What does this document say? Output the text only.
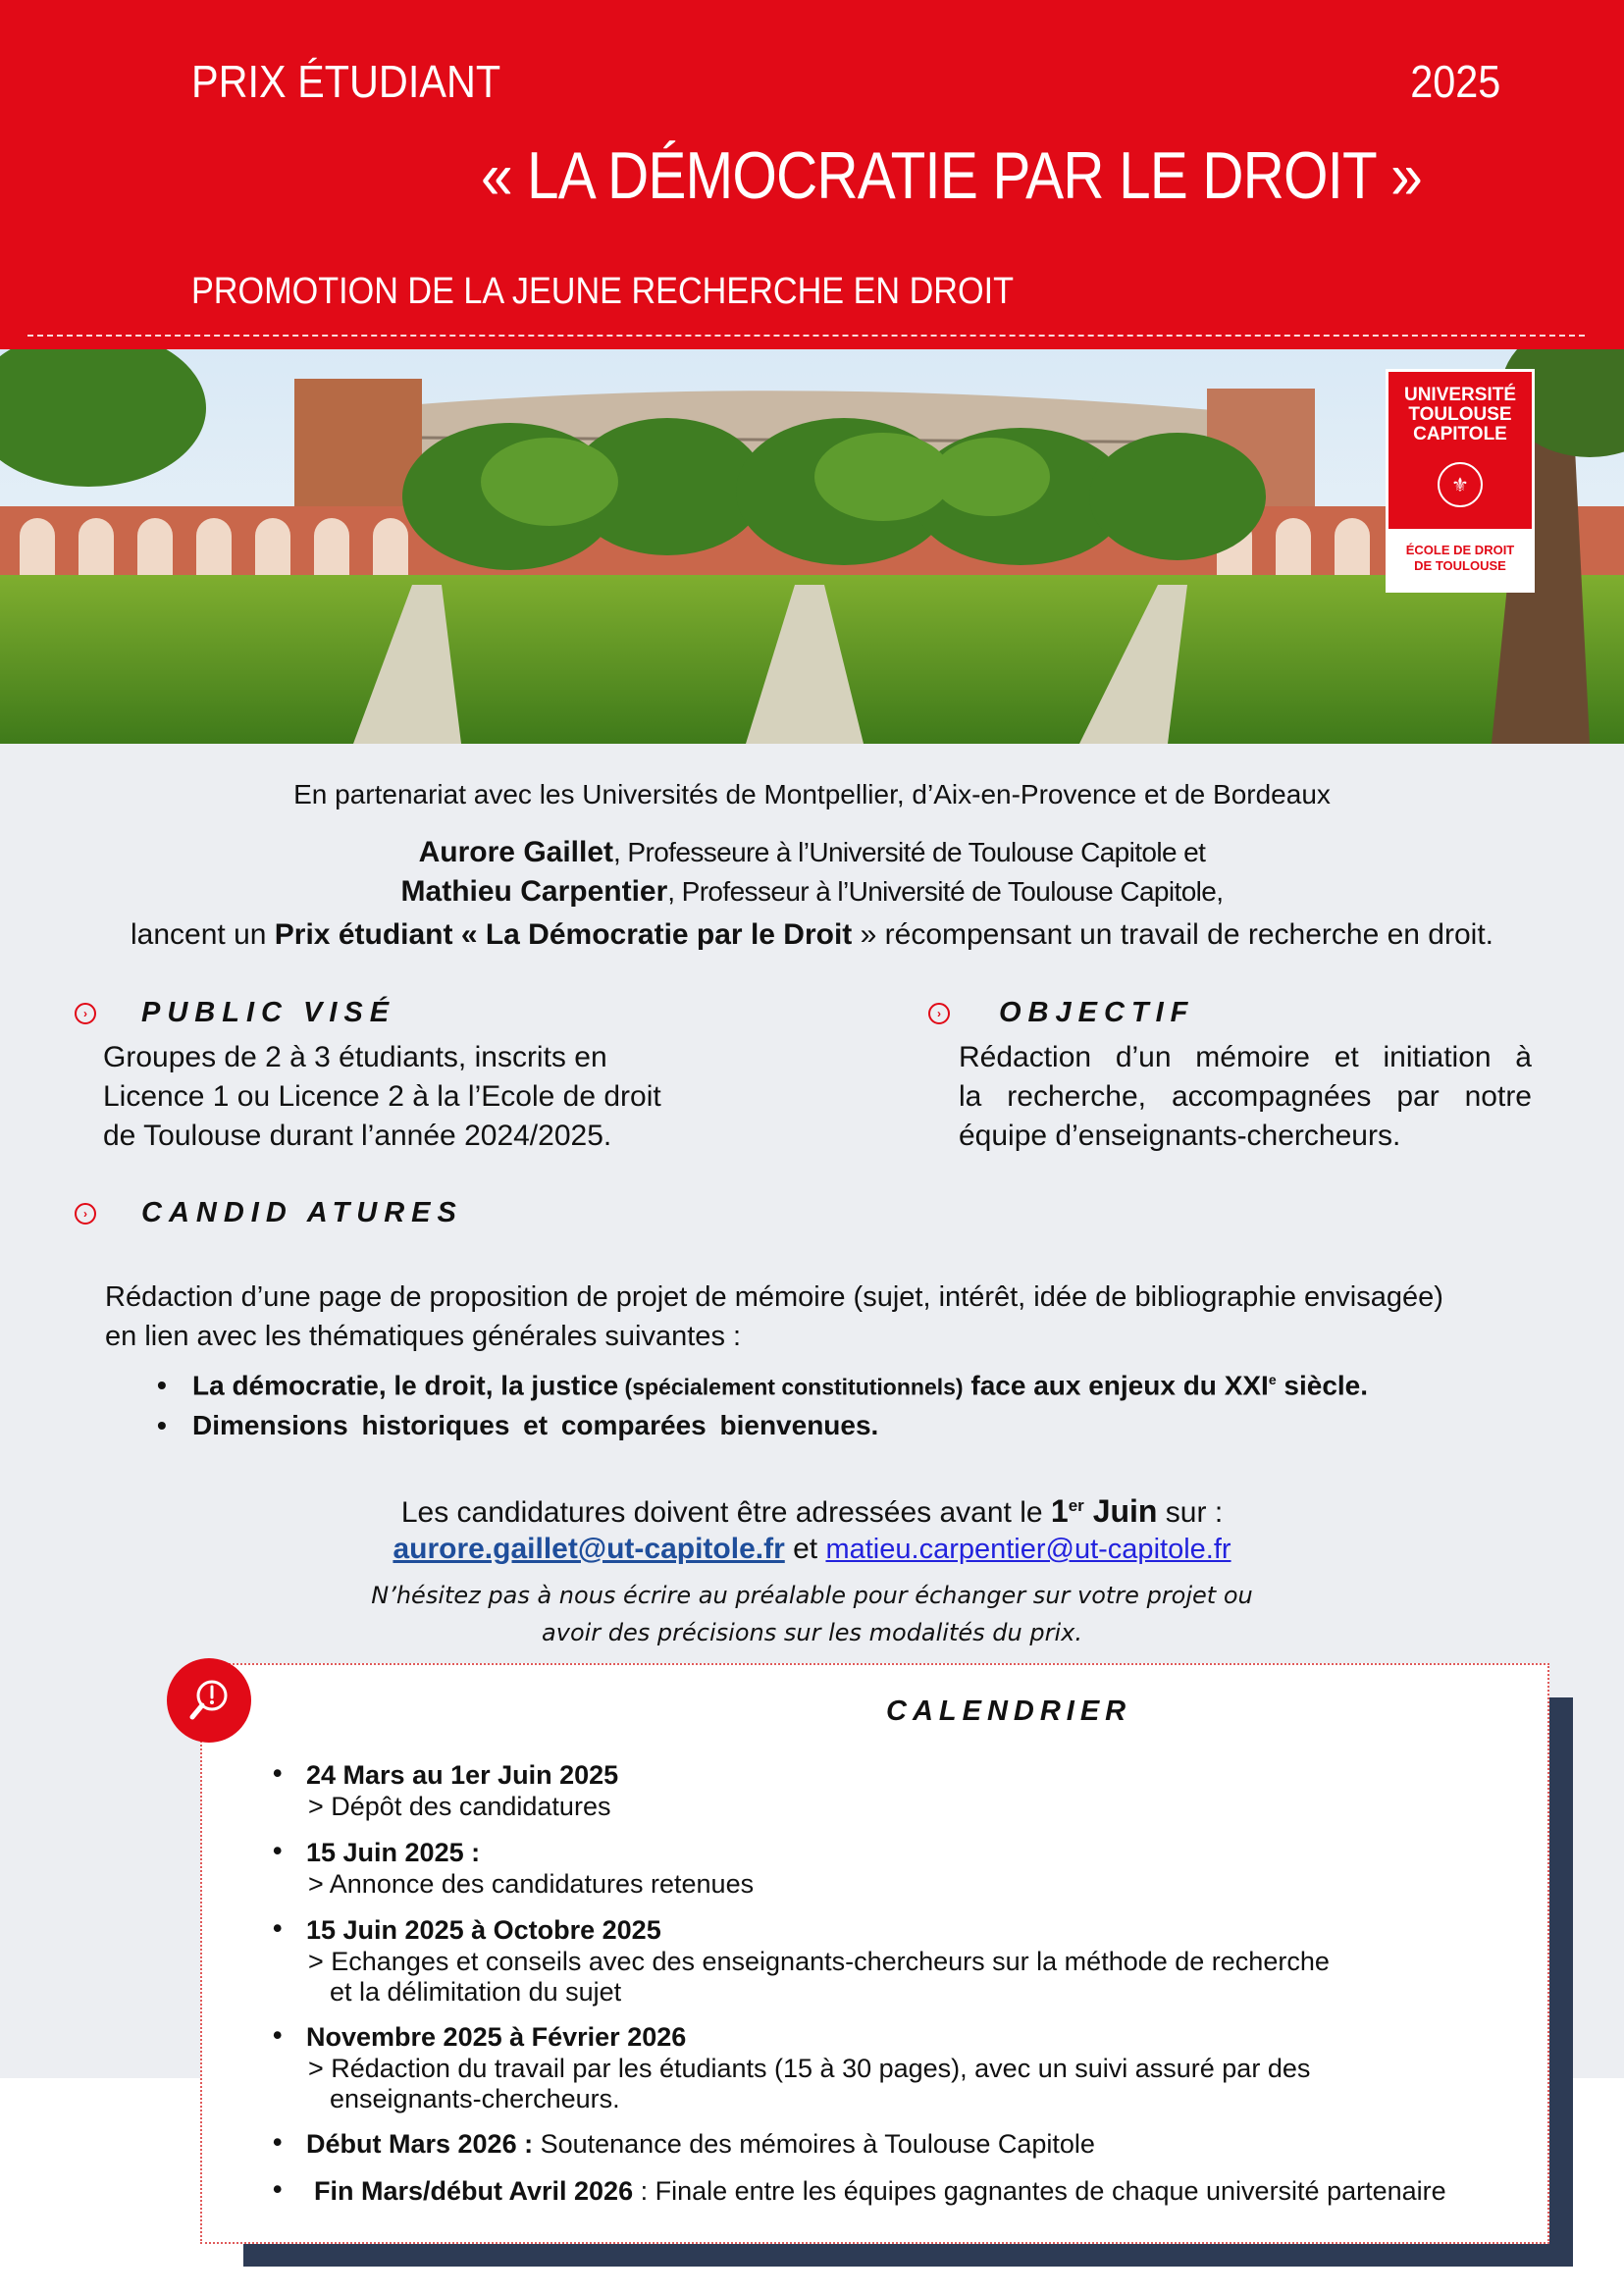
PRIX ÉTUDIANT	2025
« LA DÉMOCRATIE PAR LE DROIT »
PROMOTION DE LA JEUNE RECHERCHE EN DROIT
UNIVERSITÉ
TOULOUSE
CAPITOLE
⚜
ÉCOLE DE DROIT
DE TOULOUSE
En partenariat avec les Universités de Montpellier, d’Aix-en-Provence et de Bordeaux
Aurore Gaillet, Professeure à l’Université de Toulouse Capitole et
Mathieu Carpentier, Professeur à l’Université de Toulouse Capitole,
lancent un Prix étudiant « La Démocratie par le Droit » récompensant un travail de recherche en droit.
›	PUBLIC VISÉ
Groupes de 2 à 3 étudiants, inscrits en
Licence 1 ou Licence 2 à la l’Ecole de droit
de Toulouse durant l’année 2024/2025.
›	OBJECTIF
Rédaction d’un mémoire et initiation à
la recherche, accompagnées par notre
équipe d’enseignants-chercheurs.
›	CANDID ATURES
Rédaction d’une page de proposition de projet de mémoire (sujet, intérêt, idée de bibliographie envisagée)
en lien avec les thématiques générales suivantes :
• La démocratie, le droit, la justice (spécialement constitutionnels) face aux enjeux du XXIe siècle.
• Dimensions historiques et comparées bienvenues.
Les candidatures doivent être adressées avant le 1er Juin sur :
aurore.gaillet@ut-capitole.fr et matieu.carpentier@ut-capitole.fr
N’hésitez pas à nous écrire au préalable pour échanger sur votre projet ou
avoir des précisions sur les modalités du prix.
CALENDRIER
• 24 Mars au 1er Juin 2025
> Dépôt des candidatures
• 15 Juin 2025 :
> Annonce des candidatures retenues
• 15 Juin 2025 à Octobre 2025
> Echanges et conseils avec des enseignants-chercheurs sur la méthode de recherche
et la délimitation du sujet
• Novembre 2025 à Février 2026
> Rédaction du travail par les étudiants (15 à 30 pages), avec un suivi assuré par des
enseignants-chercheurs.
• Début Mars 2026 : Soutenance des mémoires à Toulouse Capitole
• Fin Mars/début Avril 2026 : Finale entre les équipes gagnantes de chaque université partenaire
